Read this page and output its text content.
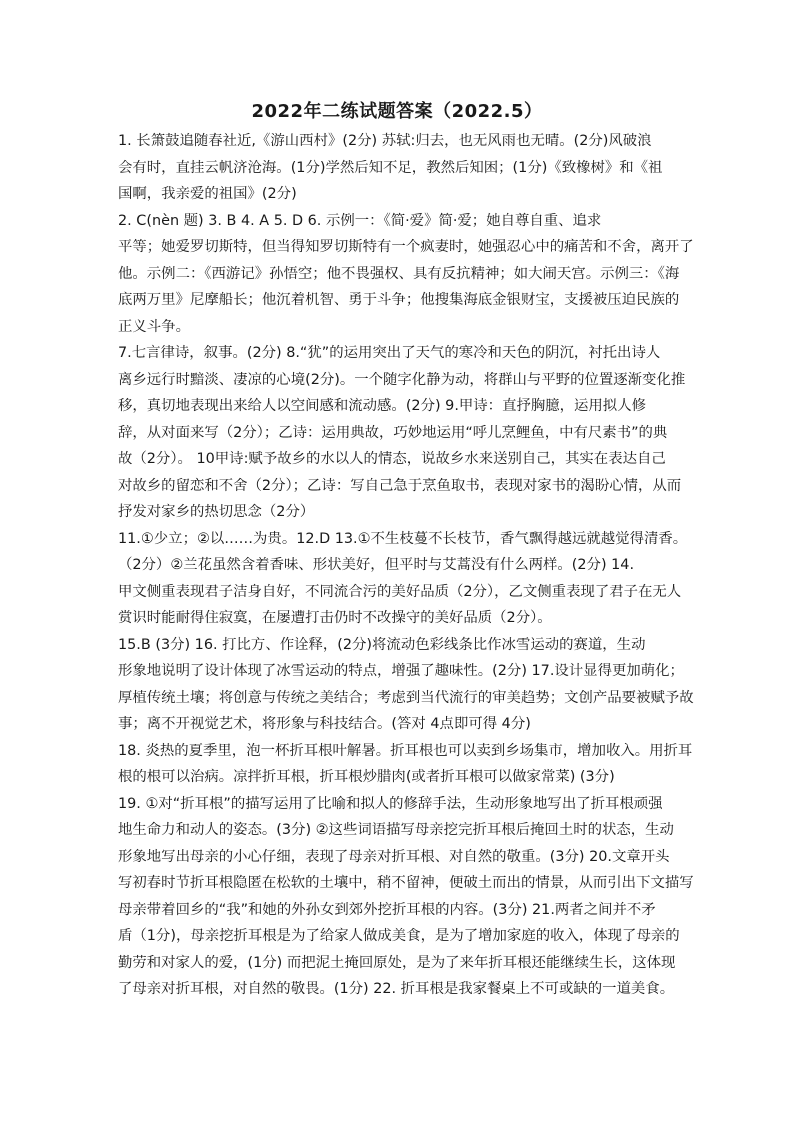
2022年二练试题答案（2022.5）
1. 长箫鼓追随春社近,《游山西村》(2分) 苏轼:归去，也无风雨也无晴。(2分)风破浪
会有时，直挂云帆济沧海。(1分)学然后知不足，教然后知困；(1分)《致橡树》和《祖
国啊，我亲爱的祖国》(2分)
2. C(nèn 题) 3. B 4. A 5. D 6. 示例一：《简·爱》简·爱；她自尊自重、追求
平等；她爱罗切斯特，但当得知罗切斯特有一个疯妻时，她强忍心中的痛苦和不舍，离开了
他。示例二：《西游记》孙悟空；他不畏强权、具有反抗精神；如大闹天宫。示例三：《海
底两万里》尼摩船长；他沉着机智、勇于斗争；他搜集海底金银财宝，支援被压迫民族的
正义斗争。
7.七言律诗，叙事。(2分) 8.“犹”的运用突出了天气的寒冷和天色的阴沉，衬托出诗人
离乡远行时黯淡、凄凉的心境(2分)。一个随字化静为动，将群山与平野的位置逐渐变化推
移，真切地表现出来给人以空间感和流动感。(2分) 9.甲诗：直抒胸臆，运用拟人修
辞，从对面来写（2分）；乙诗：运用典故，巧妙地运用“呼儿烹鲤鱼，中有尺素书”的典
故（2分）。 10甲诗:赋予故乡的水以人的情态，说故乡水来送别自己，其实在表达自己
对故乡的留恋和不舍（2分）；乙诗：写自己急于烹鱼取书，表现对家书的渴盼心情，从而
抒发对家乡的热切思念（2分）
11.①少立；②以……为贵。12.D 13.①不生枝蔓不长枝节，香气飘得越远就越觉得清香。
（2分）②兰花虽然含着香味、形状美好，但平时与艾蒿没有什么两样。(2分) 14.
甲文侧重表现君子洁身自好，不同流合污的美好品质（2分），乙文侧重表现了君子在无人
赏识时能耐得住寂寞，在屡遭打击仍时不改操守的美好品质（2分）。
15.B (3分) 16. 打比方、作诠释，(2分)将流动色彩线条比作冰雪运动的赛道，生动
形象地说明了设计体现了冰雪运动的特点，增强了趣味性。(2分) 17.设计显得更加萌化；
厚植传统土壤；将创意与传统之美结合；考虑到当代流行的审美趋势；文创产品要被赋予故
事；离不开视觉艺术，将形象与科技结合。(答对 4点即可得 4分)
18. 炎热的夏季里，泡一杯折耳根叶解暑。折耳根也可以卖到乡场集市，增加收入。用折耳
根的根可以治病。凉拌折耳根，折耳根炒腊肉(或者折耳根可以做家常菜) (3分)
19. ①对“折耳根”的描写运用了比喻和拟人的修辞手法，生动形象地写出了折耳根顽强
地生命力和动人的姿态。(3分) ②这些词语描写母亲挖完折耳根后掩回土时的状态，生动
形象地写出母亲的小心仔细，表现了母亲对折耳根、对自然的敬重。(3分) 20.文章开头
写初春时节折耳根隐匿在松软的土壤中，稍不留神，便破土而出的情景，从而引出下文描写
母亲带着回乡的“我”和她的外孙女到郊外挖折耳根的内容。(3分) 21.两者之间并不矛
盾（1分)，母亲挖折耳根是为了给家人做成美食，是为了增加家庭的收入，体现了母亲的
勤劳和对家人的爱，(1分) 而把泥土掩回原处，是为了来年折耳根还能继续生长，这体现
了母亲对折耳根，对自然的敬畏。(1分) 22. 折耳根是我家餐桌上不可或缺的一道美食。
